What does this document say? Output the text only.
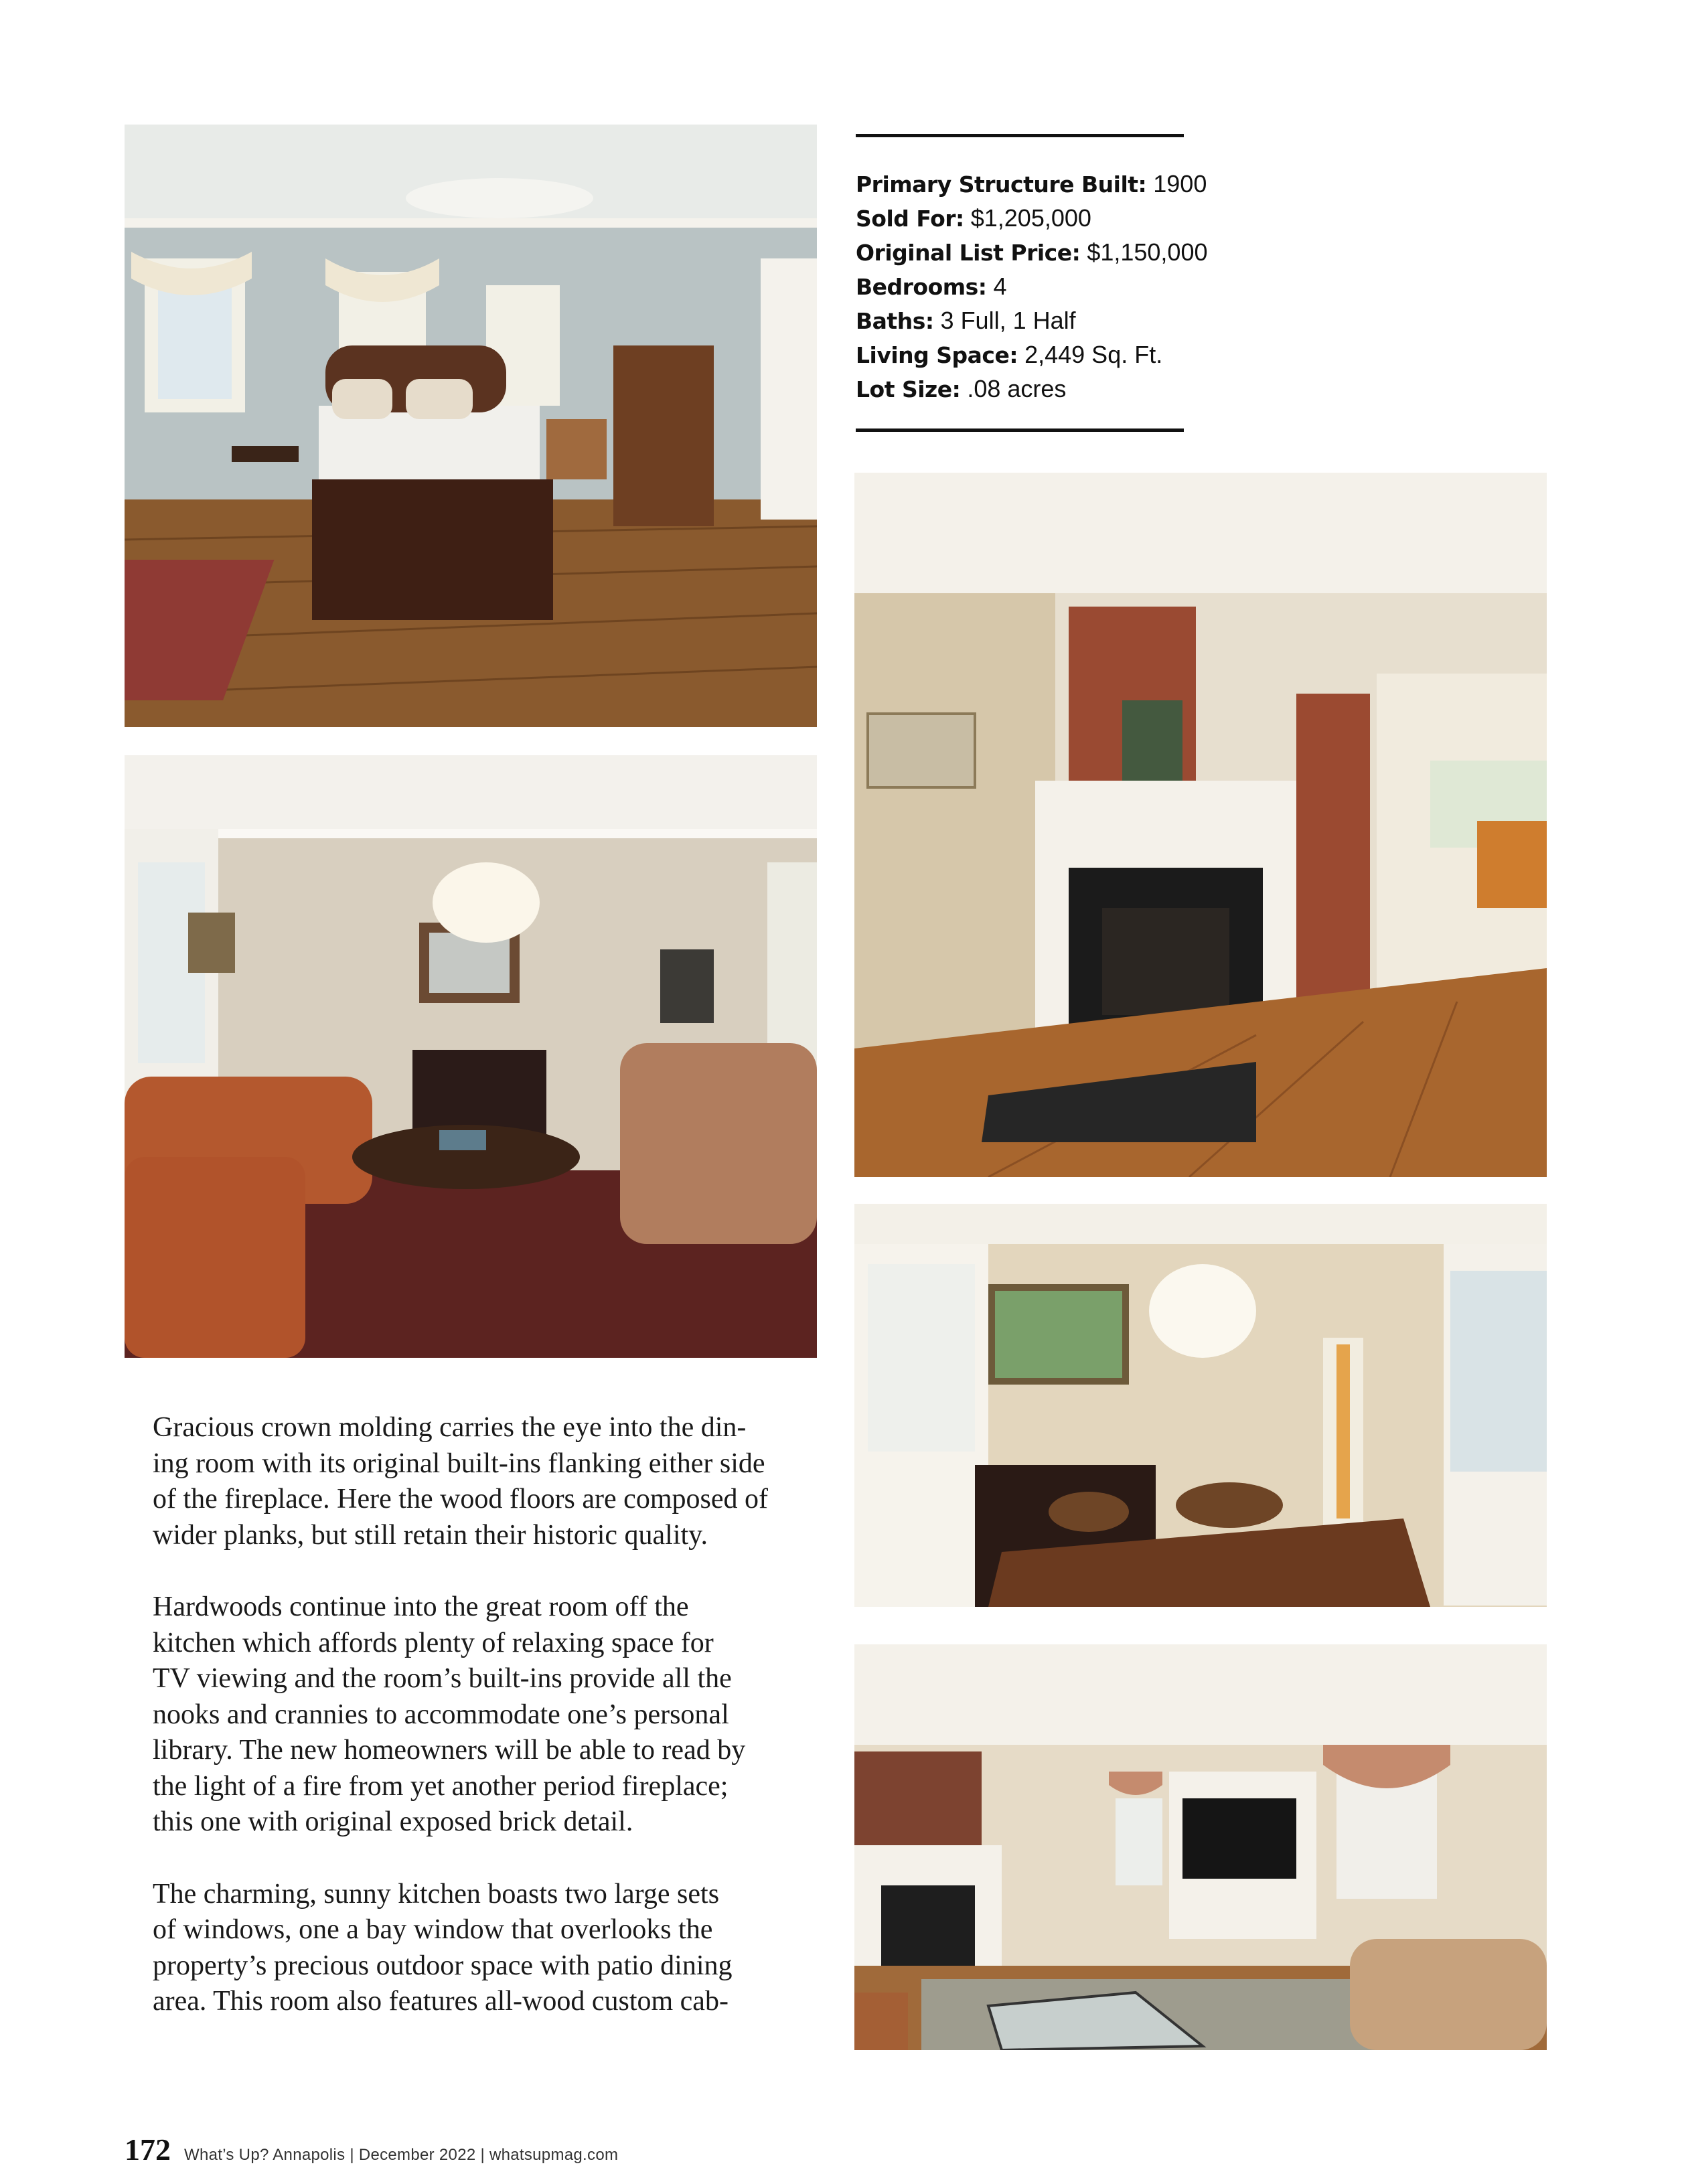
Primary Structure Built: 1900
Sold For: $1,205,000
Original List Price: $1,150,000
Bedrooms: 4
Baths: 3 Full, 1 Half
Living Space: 2,449 Sq. Ft.
Lot Size: .08 acres

Gracious crown molding carries the eye into the din-
ing room with its original built-ins flanking either side
of the fireplace. Here the wood floors are composed of
wider planks, but still retain their historic quality.

Hardwoods continue into the great room off the
kitchen which affords plenty of relaxing space for
TV viewing and the room’s built-ins provide all the
nooks and crannies to accommodate one’s personal
library. The new homeowners will be able to read by
the light of a fire from yet another period fireplace;
this one with original exposed brick detail.

The charming, sunny kitchen boasts two large sets
of windows, one a bay window that overlooks the
property’s precious outdoor space with patio dining
area. This room also features all-wood custom cab-

172 What’s Up? Annapolis | December 2022 | whatsupmag.com
